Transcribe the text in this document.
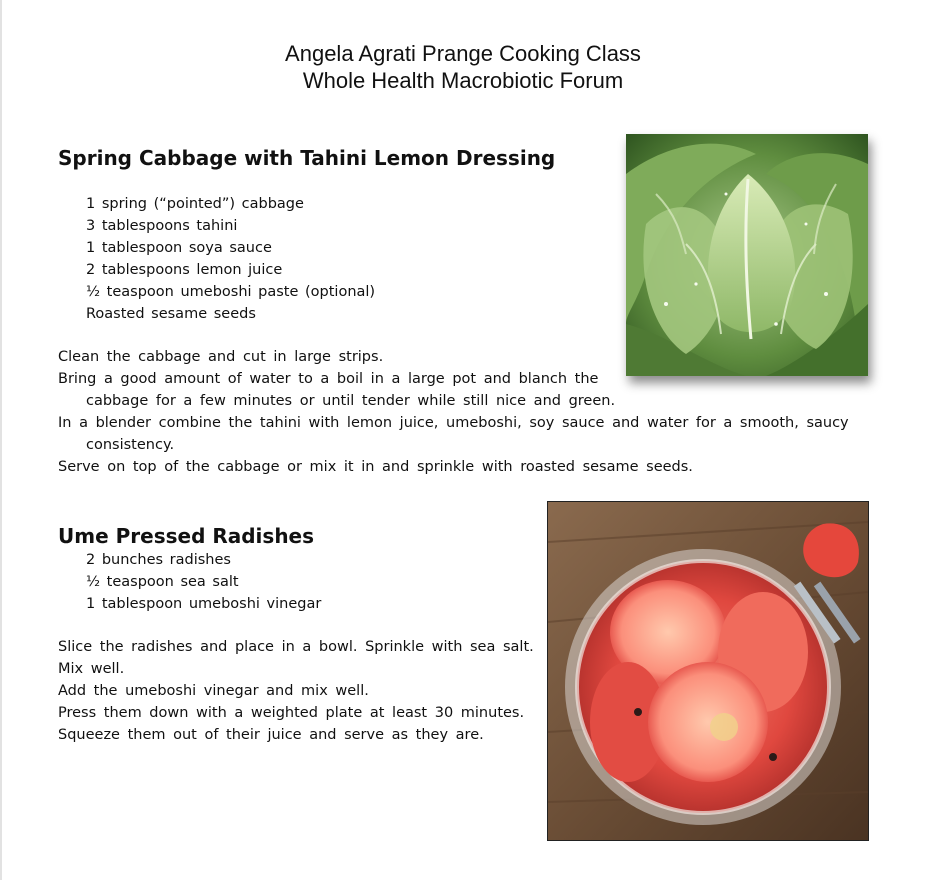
Angela Agrati Prange Cooking Class
Whole Health Macrobiotic Forum
Spring Cabbage with Tahini Lemon Dressing
1 spring (“pointed”) cabbage
3 tablespoons tahini
1 tablespoon soya sauce
2 tablespoons lemon juice
½ teaspoon umeboshi paste (optional)
Roasted sesame seeds

Clean the cabbage and cut in large strips.

Bring a good amount of water to a boil in a large pot and blanch the cabbage for a few minutes or until tender while still nice and green.

In a blender combine the tahini with lemon juice, umeboshi, soy sauce and water for a smooth, saucy consistency.

Serve on top of the cabbage or mix it in and sprinkle with roasted sesame seeds.

Ume Pressed Radishes
2 bunches radishes
½ teaspoon sea salt
1 tablespoon umeboshi vinegar

Slice the radishes and place in a bowl. Sprinkle with sea salt.

Mix well.

Add the umeboshi vinegar and mix well.

Press them down with a weighted plate at least 30 minutes.

Squeeze them out of their juice and serve as they are.
